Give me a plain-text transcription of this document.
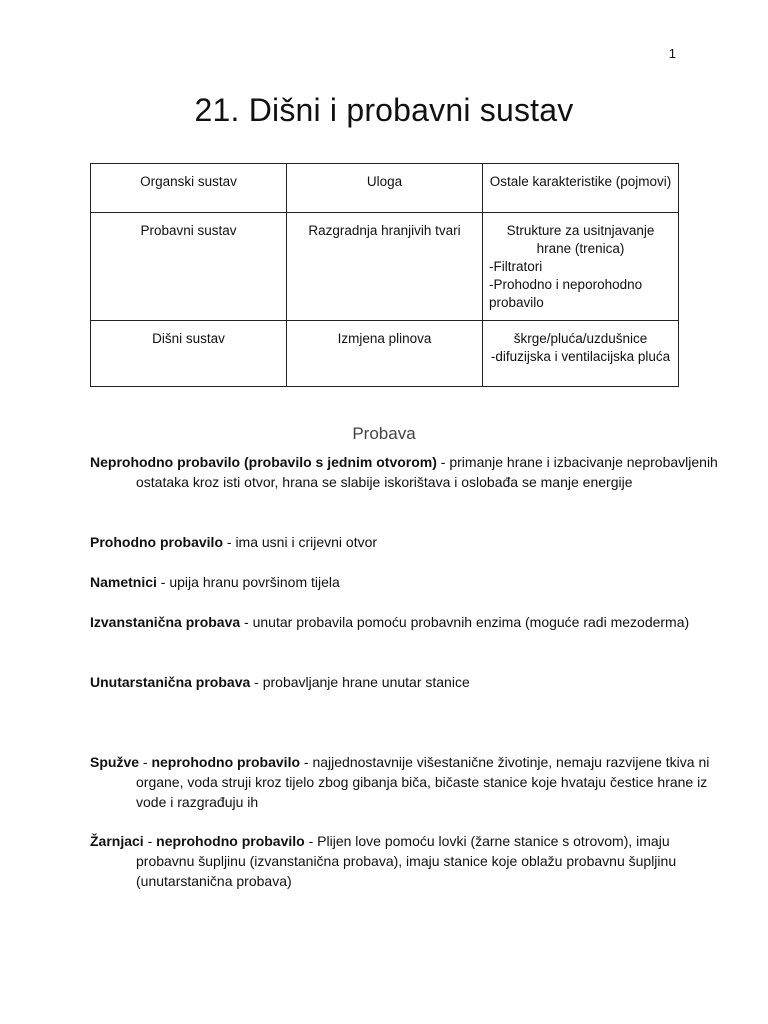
1
21. Dišni i probavni sustav
Organski sustav	Uloga	Ostale karakteristike (pojmovi)
Probavni sustav	Razgradnja hranjivih tvari	Strukture za usitnjavanje hrane (trenica)
-Filtratori
-Prohodno i neporohodno probavilo

Dišni sustav	Izmjena plinova	škrge/pluća/uzdušnice
-difuzijska i ventilacijska pluća
Probava
Neprohodno probavilo (probavilo s jednim otvorom) - primanje hrane i izbacivanje neprobavljenih ostataka kroz isti otvor, hrana se slabije iskorištava i oslobađa se manje energije
Prohodno probavilo - ima usni i crijevni otvor
Nametnici - upija hranu površinom tijela
Izvanstanična probava - unutar probavila pomoću probavnih enzima (moguće radi mezoderma)
Unutarstanična probava - probavljanje hrane unutar stanice
Spužve - neprohodno probavilo - najjednostavnije višestanične životinje, nemaju razvijene tkiva ni organe, voda struji kroz tijelo zbog gibanja biča, bičaste stanice koje hvataju čestice hrane iz vode i razgrađuju ih
Žarnjaci - neprohodno probavilo - Plijen love pomoću lovki (žarne stanice s otrovom), imaju probavnu šupljinu (izvanstanična probava), imaju stanice koje oblažu probavnu šupljinu (unutarstanična probava)
